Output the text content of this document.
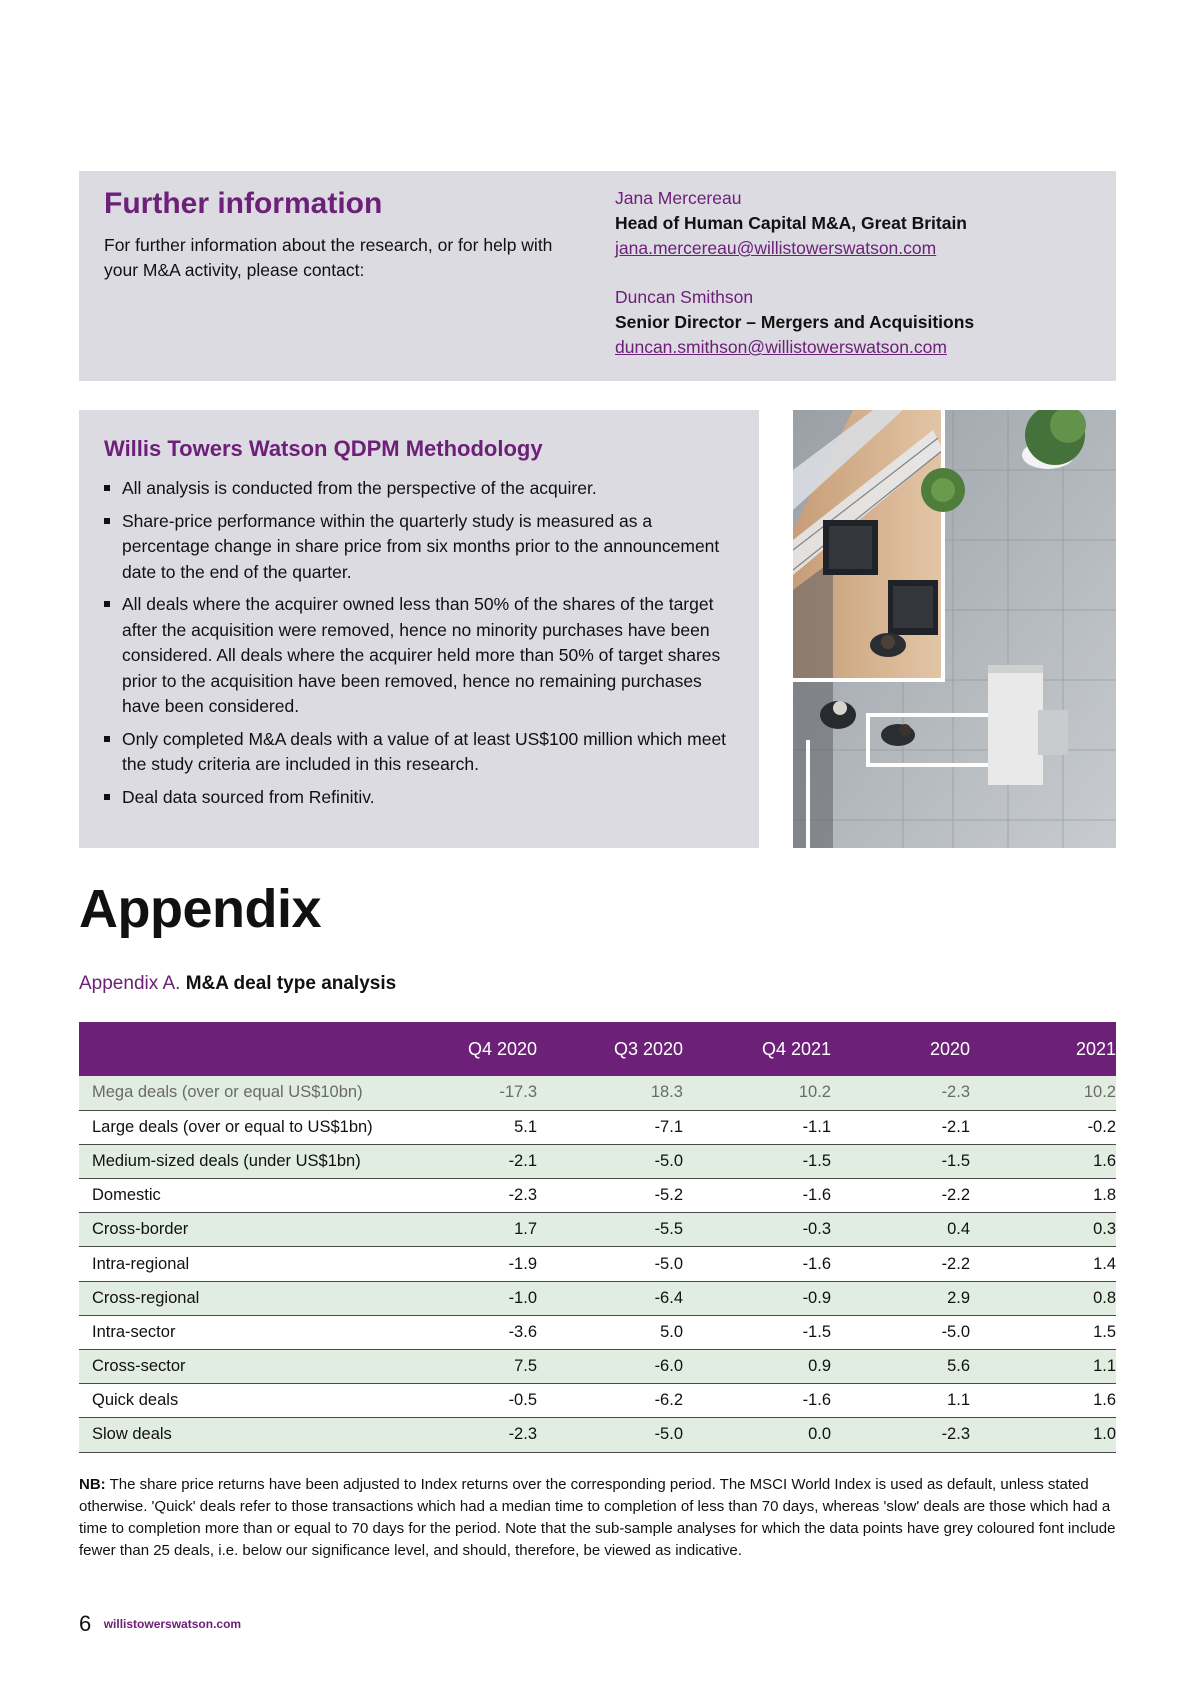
Further information

For further information about the research, or for help with your M&A activity, please contact:

Jana Mercereau
Head of Human Capital M&A, Great Britain
jana.mercereau@willistowerswatson.com
Duncan Smithson
Senior Director – Mergers and Acquisitions
duncan.smithson@willistowerswatson.com
Willis Towers Watson QDPM Methodology
All analysis is conducted from the perspective of the acquirer.
Share-price performance within the quarterly study is measured as a percentage change in share price from six months prior to the announcement date to the end of the quarter.
All deals where the acquirer owned less than 50% of the shares of the target after the acquisition were removed, hence no minority purchases have been considered. All deals where the acquirer held more than 50% of target shares prior to the acquisition have been removed, hence no remaining purchases have been considered.
Only completed M&A deals with a value of at least US$100 million which meet the study criteria are included in this research.
Deal data sourced from Refinitiv.
Appendix
Appendix A. M&A deal type analysis
	Q4 2020	Q3 2020	Q4 2021	2020	2021
Mega deals (over or equal US$10bn)	-17.3	18.3	10.2	-2.3	10.2
Large deals (over or equal to US$1bn)	5.1	-7.1	-1.1	-2.1	-0.2
Medium-sized deals (under US$1bn)	-2.1	-5.0	-1.5	-1.5	1.6
Domestic	-2.3	-5.2	-1.6	-2.2	1.8
Cross-border	1.7	-5.5	-0.3	0.4	0.3
Intra-regional	-1.9	-5.0	-1.6	-2.2	1.4
Cross-regional	-1.0	-6.4	-0.9	2.9	0.8
Intra-sector	-3.6	5.0	-1.5	-5.0	1.5
Cross-sector	7.5	-6.0	0.9	5.6	1.1
Quick deals	-0.5	-6.2	-1.6	1.1	1.6
Slow deals	-2.3	-5.0	0.0	-2.3	1.0

NB: The share price returns have been adjusted to Index returns over the corresponding period. The MSCI World Index is used as default, unless stated otherwise. 'Quick' deals refer to those transactions which had a median time to completion of less than 70 days, whereas 'slow' deals are those which had a time to completion more than or equal to 70 days for the period. Note that the sub-sample analyses for which the data points have grey coloured font include fewer than 25 deals, i.e. below our significance level, and should, therefore, be viewed as indicative.

6 willistowerswatson.com
